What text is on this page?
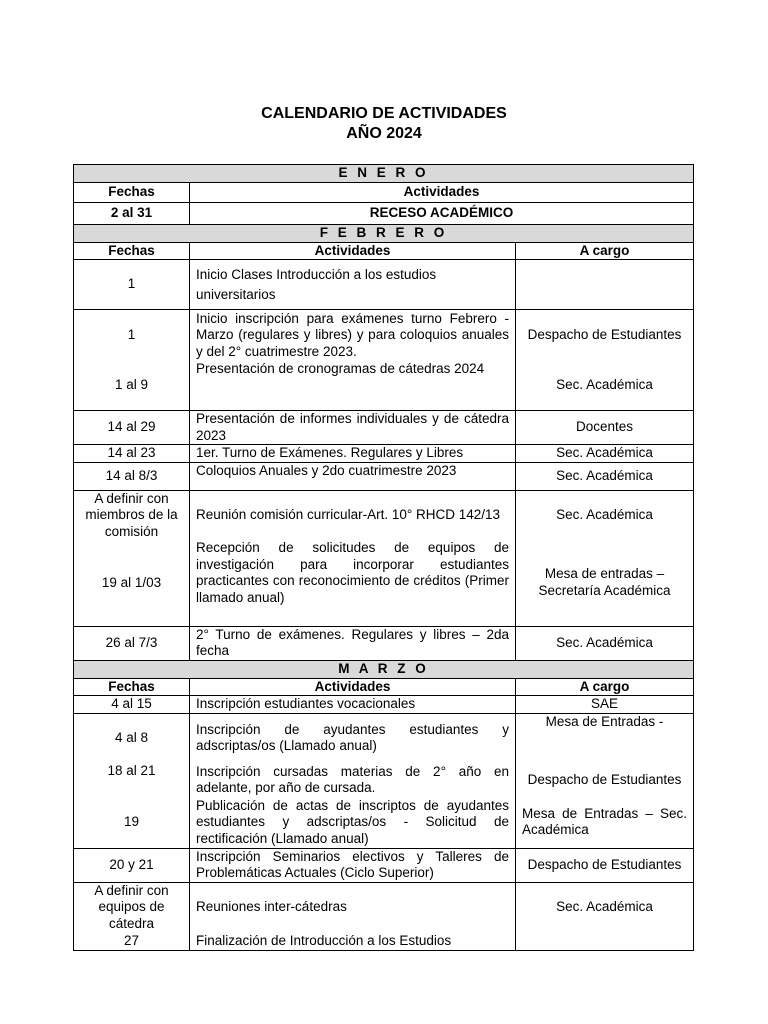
CALENDARIO DE ACTIVIDADES
AÑO 2024
E N E R O		
Fechas	Actividades	
2 al 31	RECESO ACADÉMICO	
F E B R E R O		
Fechas	Actividades	A cargo
1	Inicio Clases Introducción a los estudios universitarios	

1	Inicio inscripción para exámenes turno Febrero - Marzo (regulares y libres) y para coloquios anuales y del 2° cuatrimestre 2023.	Despacho de Estudiantes
1 al 9	Presentación de cronogramas de cátedras 2024	Sec. Académica
14 al 29	Presentación de informes individuales y de cátedra 2023	Docentes
14 al 23	1er. Turno de Exámenes. Regulares y Libres	Sec. Académica
14 al 8/3	Coloquios Anuales y 2do cuatrimestre 2023	Sec. Académica
A definir con miembros de la comisión	Reunión comisión curricular-Art. 10° RHCD 142/13	Sec. Académica
19 al 1/03	Recepción de solicitudes de equipos de investigación para incorporar estudiantes practicantes con reconocimiento de créditos (Primer llamado anual)	Mesa de entradas – Secretaría Académica
26 al 7/3	2° Turno de exámenes. Regulares y libres – 2da fecha	Sec. Académica
M A R Z O		
Fechas	Actividades	A cargo
4 al 15	Inscripción estudiantes vocacionales	SAE
4 al 8	Inscripción de ayudantes estudiantes y adscriptas/os (Llamado anual)	Mesa de Entradas -

18 al 21	Inscripción cursadas materias de 2° año en adelante, por año de cursada.	Despacho de Estudiantes
19	Publicación de actas de inscriptos de ayudantes estudiantes y adscriptas/os - Solicitud de rectificación (Llamado anual)	Mesa de Entradas – Sec. Académica
20 y 21	Inscripción Seminarios electivos y Talleres de Problemáticas Actuales (Ciclo Superior)	Despacho de Estudiantes
A definir con equipos de cátedra	Reuniones inter-cátedras	Sec. Académica
27	Finalización de Introducción a los Estudios	
